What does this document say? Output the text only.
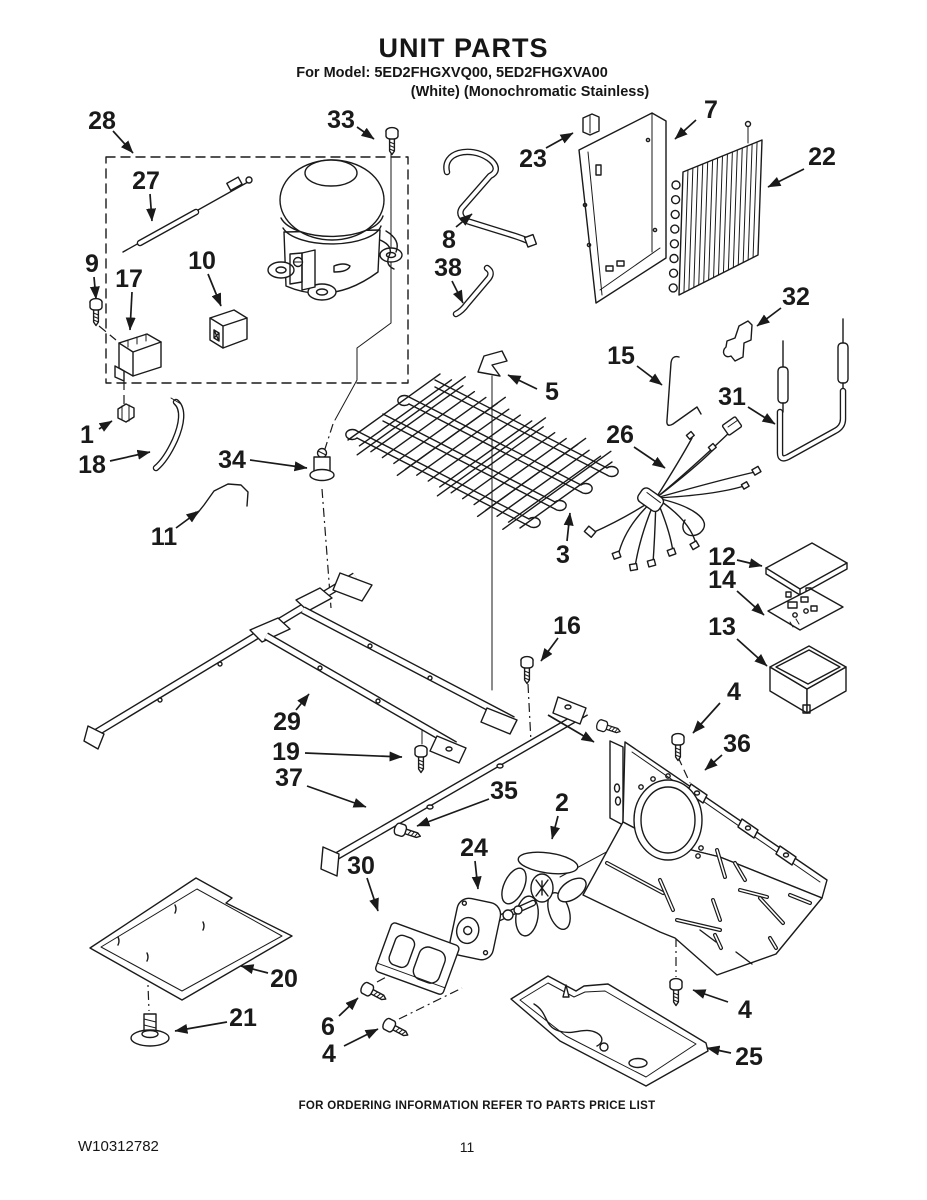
UNIT PARTS
For Model: 5ED2FHGXVQ00, 5ED2FHGXVA00
(White) (Monochromatic Stainless)
28
27
33
23
7
22
8
38
9
17
10
32
15
31
5
26
3	12
14
13
16
1
18	34
11
29
19
37	35 2
24
4
36
30
6
4
20
21
25
4
FOR ORDERING INFORMATION REFER TO PARTS PRICE LIST
W10312782	11
